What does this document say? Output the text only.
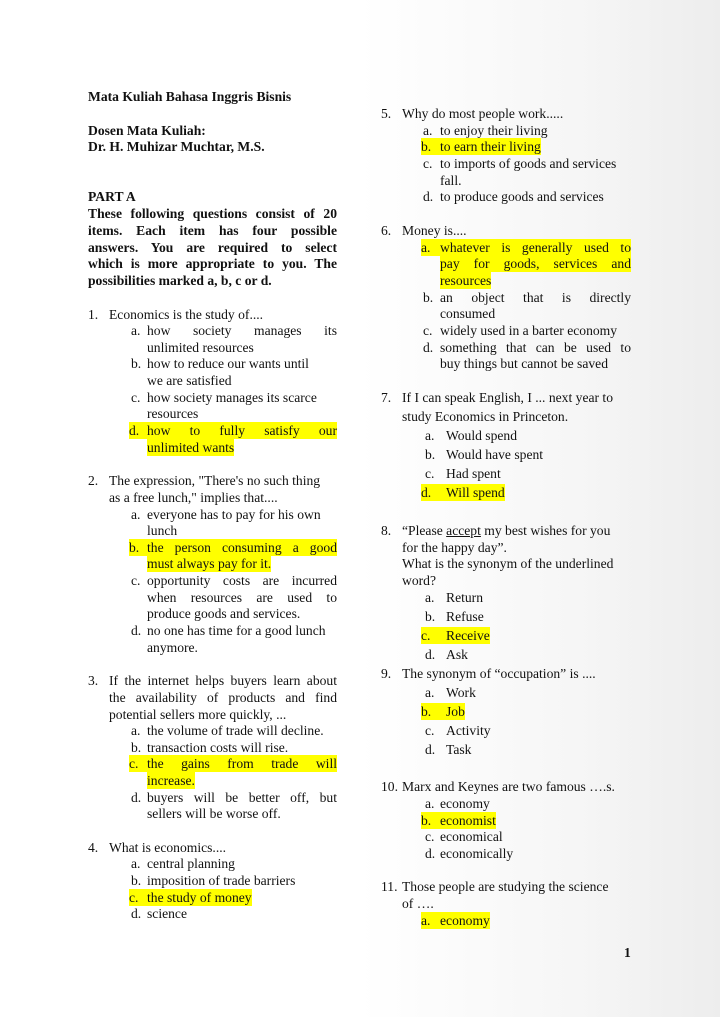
Mata Kuliah Bahasa Inggris Bisnis
Dosen Mata Kuliah:
Dr. H. Muhizar Muchtar, M.S.
PART A
These following questions consist of 20
items. Each item has four possible
answers. You are required to select
which is more appropriate to you. The
possibilities marked a, b, c or d.
1. Economics is the study of....
a. how society manages its
unlimited resources
b. how to reduce our wants until
we are satisfied
c. how society manages its scarce
resources
d. how to fully satisfy our
unlimited wants
2. The expression, "There's no such thing
as a free lunch," implies that....
a. everyone has to pay for his own
lunch
b. the person consuming a good
must always pay for it.
c. opportunity costs are incurred
when resources are used to
produce goods and services.
d. no one has time for a good lunch
anymore.
3. If the internet helps buyers learn about
the availability of products and find
potential sellers more quickly, ...
a. the volume of trade will decline.
b. transaction costs will rise.
c. the gains from trade will
increase.
d. buyers will be better off, but
sellers will be worse off.
4. What is economics....
a. central planning
b. imposition of trade barriers
c. the study of money
d. science
5. Why do most people work.....
a. to enjoy their living
b. to earn their living
c. to imports of goods and services
fall.
d. to produce goods and services
6. Money is....
a. whatever is generally used to
pay for goods, services and
resources
b. an object that is directly
consumed
c. widely used in a barter economy
d. something that can be used to
buy things but cannot be saved
7. If I can speak English, I ... next year to
study Economics in Princeton.
a. Would spend
b. Would have spent
c. Had spent
d.	Will spend
8. “Please accept my best wishes for you
for the happy day”.
What is the synonym of the underlined
word?
a. Return
b. Refuse
c.	Receive
d. Ask
9. The synonym of “occupation” is ....
a. Work
b.	Job
c. Activity
d. Task
10. Marx and Keynes are two famous ….s.
a. economy
b. economist
c. economical
d. economically
11. Those people are studying the science
of ….
a. economy
1
